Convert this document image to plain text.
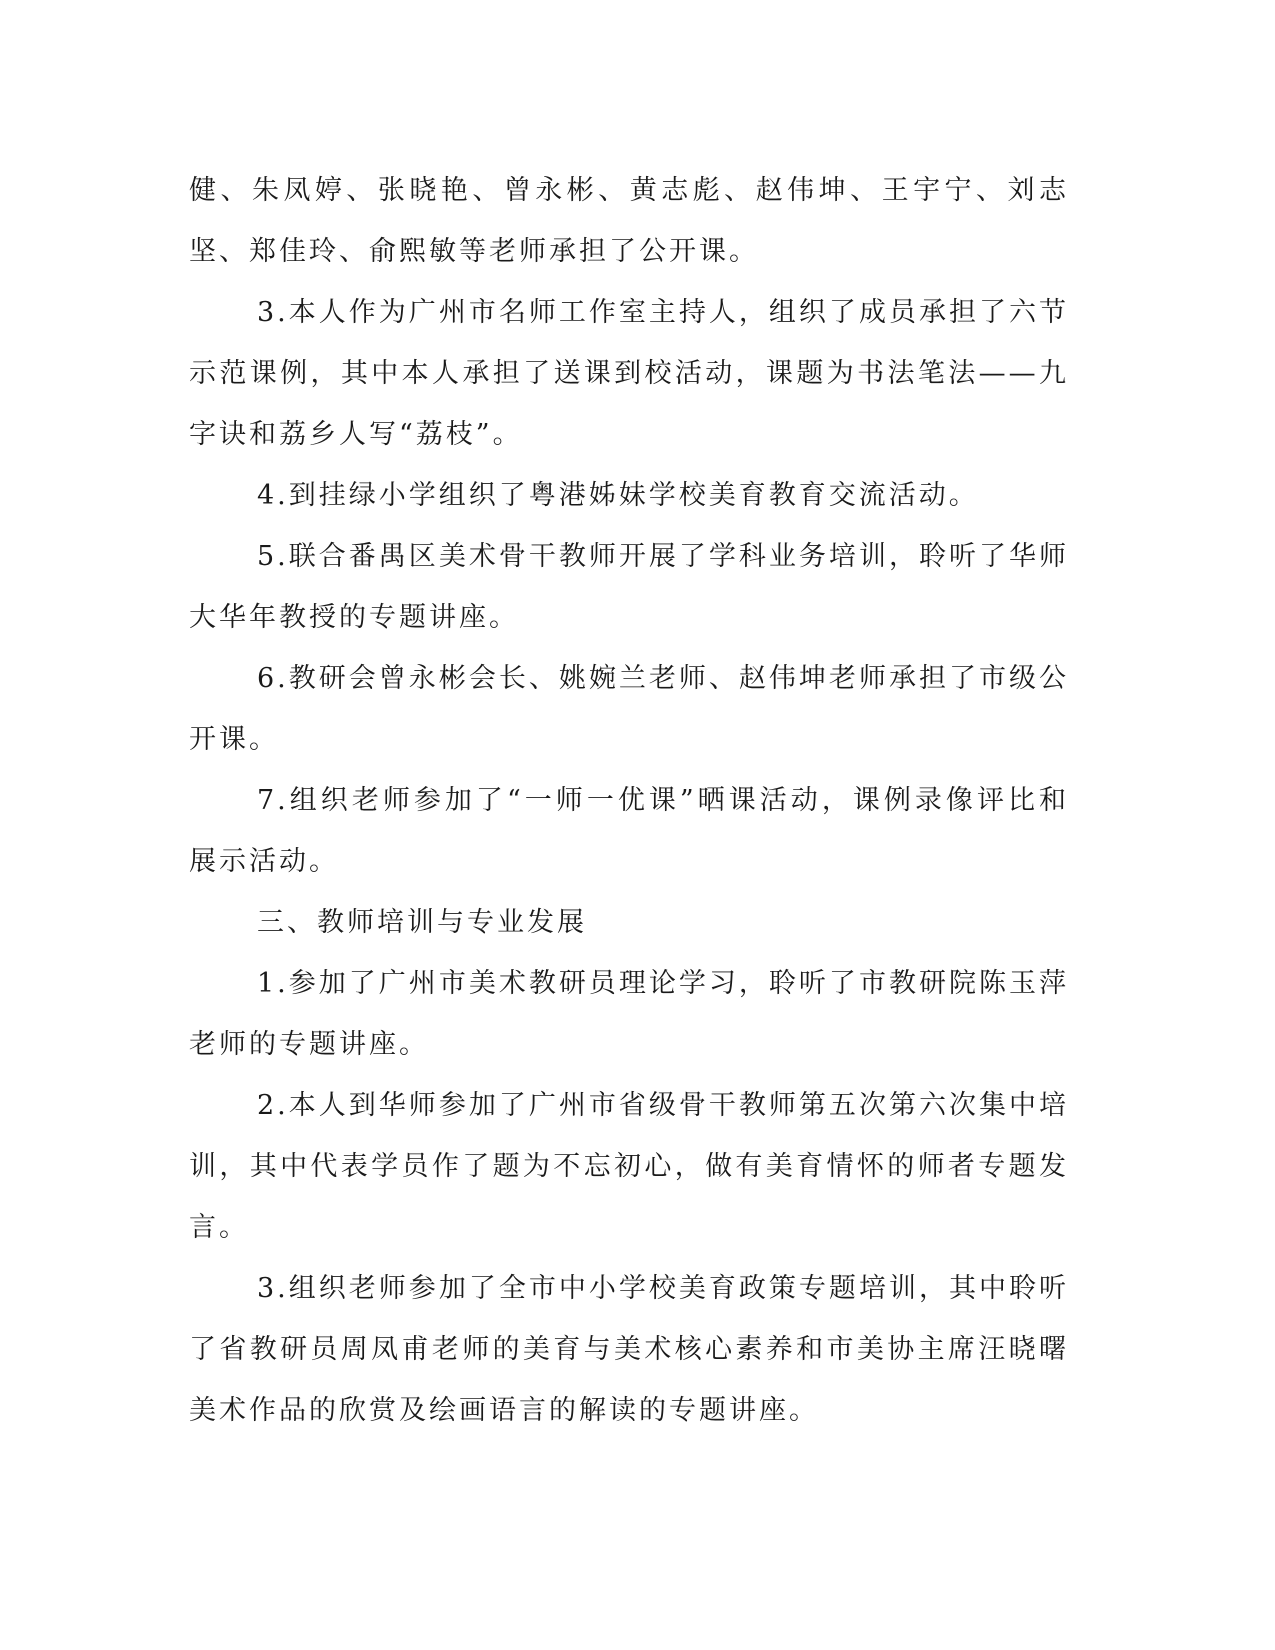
健、朱凤婷、张晓艳、曾永彬、黄志彪、赵伟坤、王宇宁、刘志坚、郑佳玲、俞熙敏等老师承担了公开课。

3.本人作为广州市名师工作室主持人，组织了成员承担了六节示范课例，其中本人承担了送课到校活动，课题为书法笔法——九字诀和荔乡人写“荔枝”。

4.到挂绿小学组织了粤港姊妹学校美育教育交流活动。

5.联合番禺区美术骨干教师开展了学科业务培训，聆听了华师大华年教授的专题讲座。

6.教研会曾永彬会长、姚婉兰老师、赵伟坤老师承担了市级公开课。

7.组织老师参加了“一师一优课”晒课活动，课例录像评比和展示活动。

三、教师培训与专业发展

1.参加了广州市美术教研员理论学习，聆听了市教研院陈玉萍老师的专题讲座。

2.本人到华师参加了广州市省级骨干教师第五次第六次集中培训，其中代表学员作了题为不忘初心，做有美育情怀的师者专题发言。

3.组织老师参加了全市中小学校美育政策专题培训，其中聆听了省教研员周凤甫老师的美育与美术核心素养和市美协主席汪晓曙美术作品的欣赏及绘画语言的解读的专题讲座。
